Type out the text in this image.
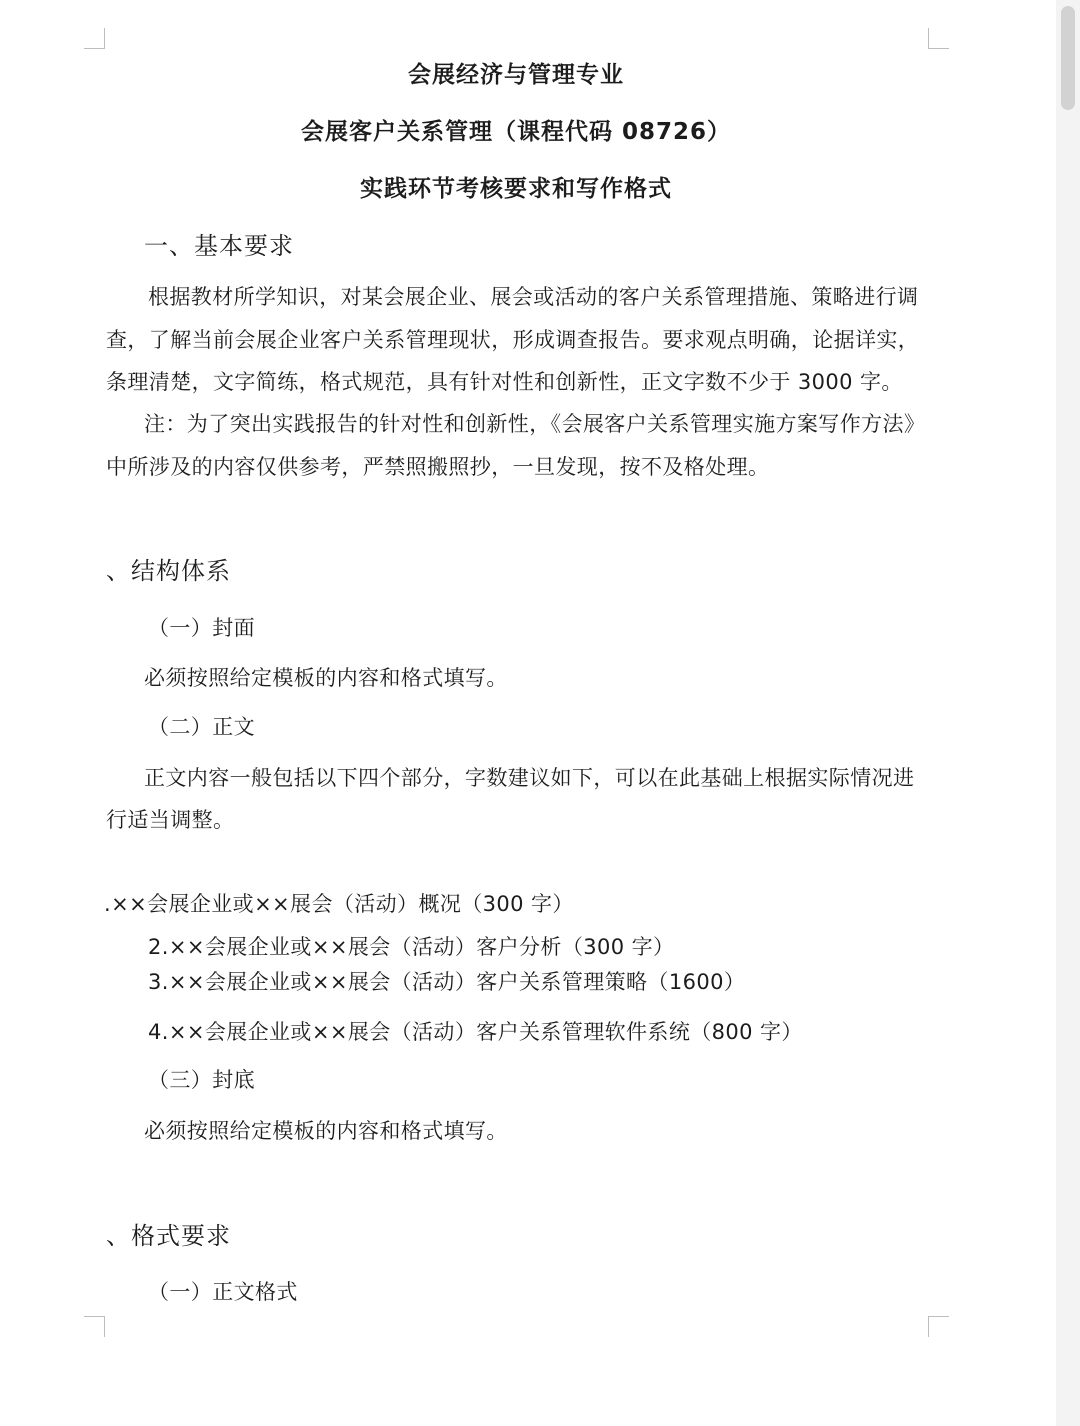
会展经济与管理专业
会展客户关系管理（课程代码 08726）
实践环节考核要求和写作格式
一、基本要求
根据教材所学知识，对某会展企业、展会或活动的客户关系管理措施、策略进行调
查，了解当前会展企业客户关系管理现状，形成调查报告。要求观点明确，论据详实，
条理清楚，文字简练，格式规范，具有针对性和创新性，正文字数不少于 3000 字。
注：为了突出实践报告的针对性和创新性，《会展客户关系管理实施方案写作方法》
中所涉及的内容仅供参考，严禁照搬照抄，一旦发现，按不及格处理。
、结构体系
（一）封面
必须按照给定模板的内容和格式填写。
（二）正文
正文内容一般包括以下四个部分，字数建议如下，可以在此基础上根据实际情况进
行适当调整。
.××会展企业或××展会（活动）概况（300 字）
2.××会展企业或××展会（活动）客户分析（300 字）
3.××会展企业或××展会（活动）客户关系管理策略（1600）
4.××会展企业或××展会（活动）客户关系管理软件系统（800 字）
（三）封底
必须按照给定模板的内容和格式填写。
、格式要求
（一）正文格式
